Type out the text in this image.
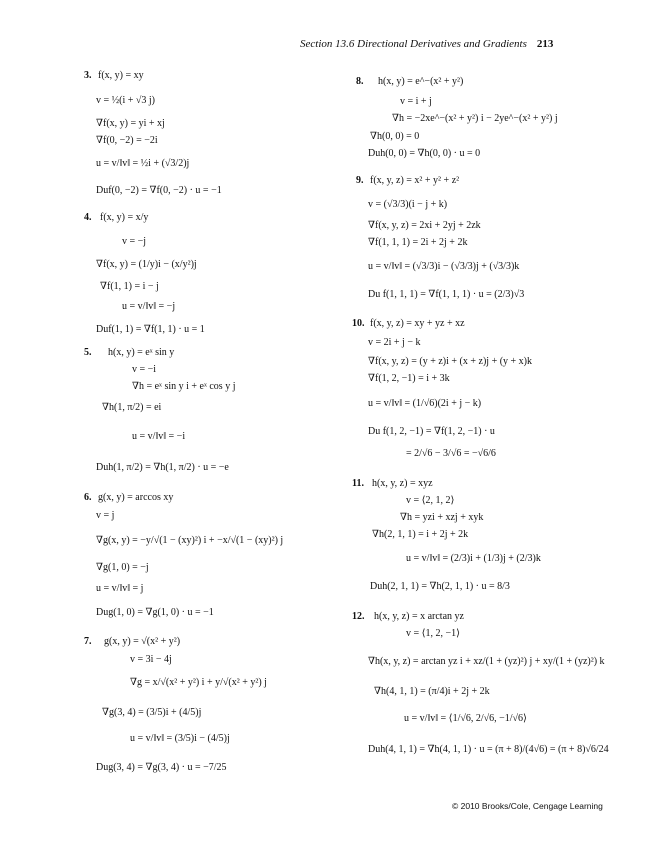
Section 13.6 Directional Derivatives and Gradients 213
3. f(x, y) = xy
v = ½(i + √3 j)
∇f(x, y) = yi + xj
∇f(0, −2) = −2i
u = v/‖v‖ = ½i + (√3/2)j
Duf(0, −2) = ∇f(0, −2) · u = −1
4. f(x, y) = x/y
v = −j
∇f(x, y) = (1/y)i − (x/y²)j
∇f(1, 1) = i − j
u = v/‖v‖ = −j
Duf(1, 1) = ∇f(1, 1) · u = 1
5. h(x, y) = eˣ sin y
v = −i
∇h = eˣ sin y i + eˣ cos y j
∇h(1, π/2) = ei
u = v/‖v‖ = −i
Duh(1, π/2) = ∇h(1, π/2) · u = −e
6. g(x, y) = arccos xy
v = j
∇g(x, y) = −y/√(1 − (xy)²) i + −x/√(1 − (xy)²) j
∇g(1, 0) = −j
u = v/‖v‖ = j
Dug(1, 0) = ∇g(1, 0) · u = −1
7. g(x, y) = √(x² + y²)
v = 3i − 4j
∇g = x/√(x² + y²) i + y/√(x² + y²) j
∇g(3, 4) = (3/5)i + (4/5)j
u = v/‖v‖ = (3/5)i − (4/5)j
Dug(3, 4) = ∇g(3, 4) · u = −7/25
8. h(x, y) = e^−(x² + y²)
v = i + j
∇h = −2xe^−(x² + y²) i − 2ye^−(x² + y²) j
∇h(0, 0) = 0
Duh(0, 0) = ∇h(0, 0) · u = 0
9. f(x, y, z) = x² + y² + z²
v = (√3/3)(i − j + k)
∇f(x, y, z) = 2xi + 2yj + 2zk
∇f(1, 1, 1) = 2i + 2j + 2k
u = v/‖v‖ = (√3/3)i − (√3/3)j + (√3/3)k
Du f(1, 1, 1) = ∇f(1, 1, 1) · u = (2/3)√3
10. f(x, y, z) = xy + yz + xz
v = 2i + j − k
∇f(x, y, z) = (y + z)i + (x + z)j + (y + x)k
∇f(1, 2, −1) = i + 3k
u = v/‖v‖ = (1/√6)(2i + j − k)
Du f(1, 2, −1) = ∇f(1, 2, −1) · u
= 2/√6 − 3/√6 = −√6/6
11. h(x, y, z) = xyz
v = ⟨2, 1, 2⟩
∇h = yzi + xzj + xyk
∇h(2, 1, 1) = i + 2j + 2k
u = v/‖v‖ = (2/3)i + (1/3)j + (2/3)k
Duh(2, 1, 1) = ∇h(2, 1, 1) · u = 8/3
12. h(x, y, z) = x arctan yz
v = ⟨1, 2, −1⟩
∇h(x, y, z) = arctan yz i + xz/(1 + (yz)²) j + xy/(1 + (yz)²) k
∇h(4, 1, 1) = (π/4)i + 2j + 2k
u = v/‖v‖ = ⟨1/√6, 2/√6, −1/√6⟩
Duh(4, 1, 1) = ∇h(4, 1, 1) · u = (π + 8)/(4√6) = (π + 8)√6/24
© 2010 Brooks/Cole, Cengage Learning
